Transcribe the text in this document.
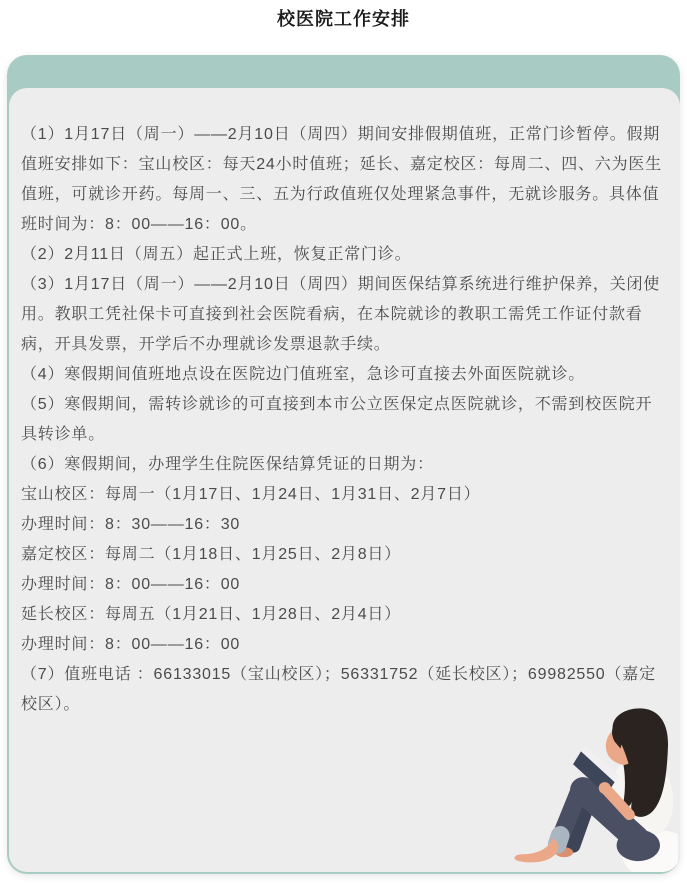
校医院工作安排

（1）1月17日（周一）——2月10日（周四）期间安排假期值班，正常门诊暂停。假期值班安排如下：宝山校区：每天24小时值班；延长、嘉定校区：每周二、四、六为医生值班，可就诊开药。每周一、三、五为行政值班仅处理紧急事件，无就诊服务。具体值班时间为：8：00——16：00。

（2）2月11日（周五）起正式上班，恢复正常门诊。

（3）1月17日（周一）——2月10日（周四）期间医保结算系统进行维护保养，关闭使用。教职工凭社保卡可直接到社会医院看病，在本院就诊的教职工需凭工作证付款看病，开具发票，开学后不办理就诊发票退款手续。

（4）寒假期间值班地点设在医院边门值班室，急诊可直接去外面医院就诊。

（5）寒假期间，需转诊就诊的可直接到本市公立医保定点医院就诊，不需到校医院开具转诊单。

（6）寒假期间，办理学生住院医保结算凭证的日期为：

宝山校区：每周一（1月17日、1月24日、1月31日、2月7日）

办理时间：8：30——16：30

嘉定校区：每周二（1月18日、1月25日、2月8日）

办理时间：8：00——16：00

延长校区：每周五（1月21日、1月28日、2月4日）

办理时间：8：00——16：00

（7）值班电话 ：66133015（宝山校区）；56331752（延长校区）；69982550（嘉定校区）。
